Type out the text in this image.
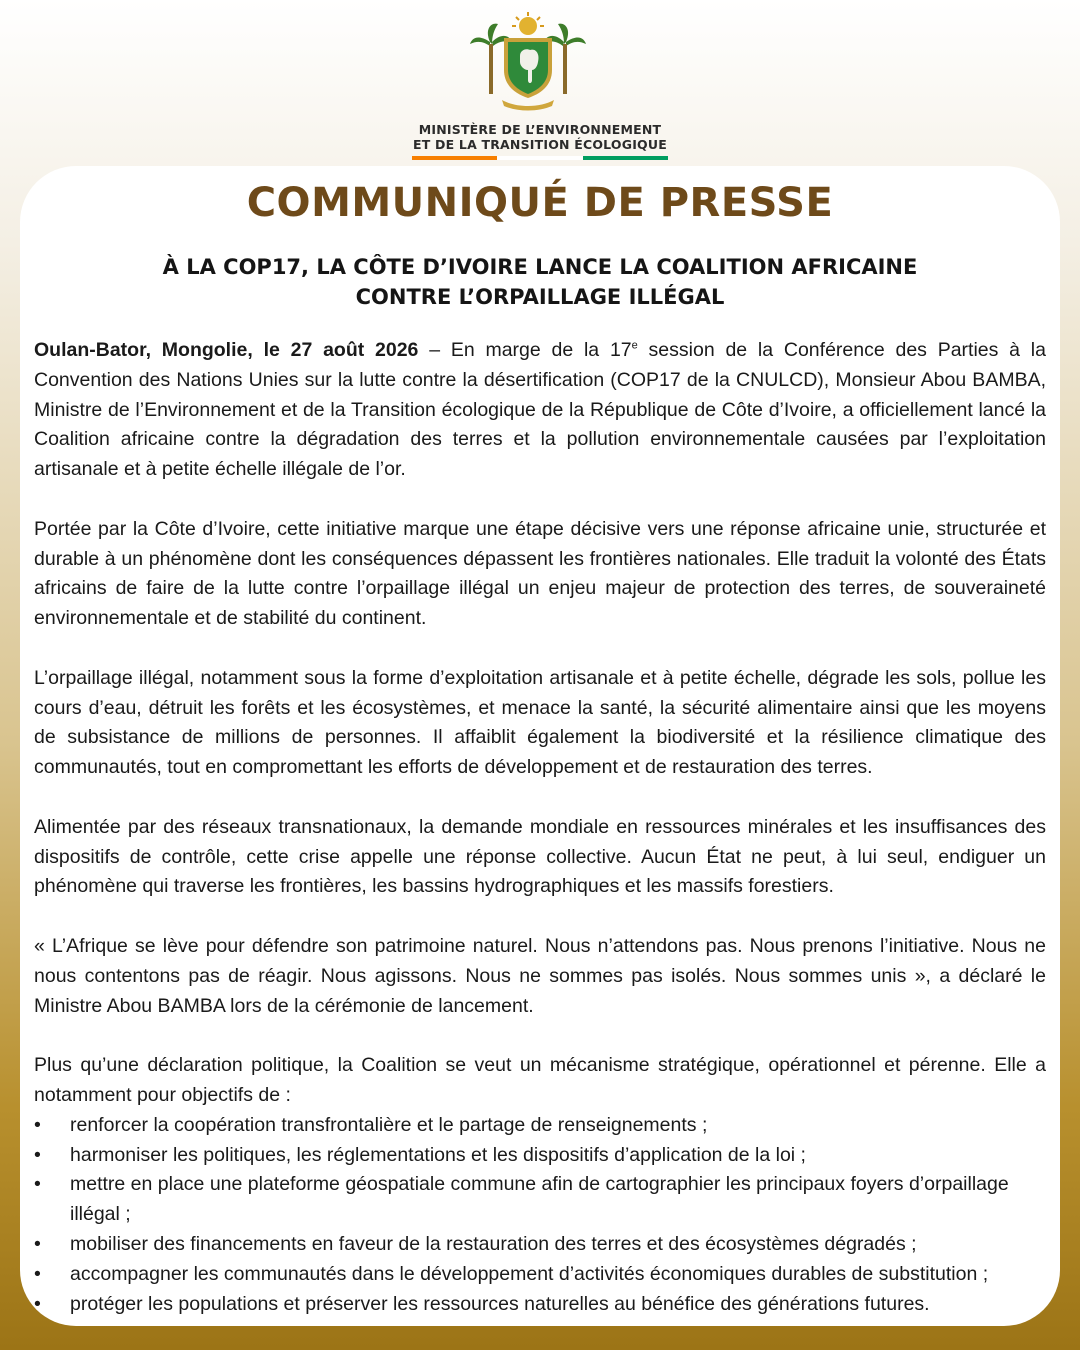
MINISTÈRE DE L’ENVIRONNEMENT
ET DE LA TRANSITION ÉCOLOGIQUE
COMMUNIQUÉ DE PRESSE
À LA COP17, LA CÔTE D’IVOIRE LANCE LA COALITION AFRICAINE
CONTRE L’ORPAILLAGE ILLÉGAL

Oulan-Bator, Mongolie, le 27 août 2026 – En marge de la 17e session de la Conférence des Parties à la Convention des Nations Unies sur la lutte contre la désertification (COP17 de la CNULCD), Monsieur Abou BAMBA, Ministre de l’Environnement et de la Transition écologique de la République de Côte d’Ivoire, a officiellement lancé la Coalition africaine contre la dégradation des terres et la pollution environnementale causées par l’exploitation artisanale et à petite échelle illégale de l’or.

Portée par la Côte d’Ivoire, cette initiative marque une étape décisive vers une réponse africaine unie, structurée et durable à un phénomène dont les conséquences dépassent les frontières nationales. Elle traduit la volonté des États africains de faire de la lutte contre l’orpaillage illégal un enjeu majeur de protection des terres, de souveraineté environnementale et de stabilité du continent.

L’orpaillage illégal, notamment sous la forme d’exploitation artisanale et à petite échelle, dégrade les sols, pollue les cours d’eau, détruit les forêts et les écosystèmes, et menace la santé, la sécurité alimentaire ainsi que les moyens de subsistance de millions de personnes. Il affaiblit également la biodiversité et la résilience climatique des communautés, tout en compromettant les efforts de développement et de restauration des terres.

Alimentée par des réseaux transnationaux, la demande mondiale en ressources minérales et les insuffisances des dispositifs de contrôle, cette crise appelle une réponse collective. Aucun État ne peut, à lui seul, endiguer un phénomène qui traverse les frontières, les bassins hydrographiques et les massifs forestiers.

« L’Afrique se lève pour défendre son patrimoine naturel. Nous n’attendons pas. Nous prenons l’initiative. Nous ne nous contentons pas de réagir. Nous agissons. Nous ne sommes pas isolés. Nous sommes unis », a déclaré le Ministre Abou BAMBA lors de la cérémonie de lancement.

Plus qu’une déclaration politique, la Coalition se veut un mécanisme stratégique, opérationnel et pérenne. Elle a notamment pour objectifs de :

• renforcer la coopération transfrontalière et le partage de renseignements ;
• harmoniser les politiques, les réglementations et les dispositifs d’application de la loi ;
• mettre en place une plateforme géospatiale commune afin de cartographier les principaux foyers d’orpaillage illégal ;
• mobiliser des financements en faveur de la restauration des terres et des écosystèmes dégradés ;
• accompagner les communautés dans le développement d’activités économiques durables de substitution ;
• protéger les populations et préserver les ressources naturelles au bénéfice des générations futures.
